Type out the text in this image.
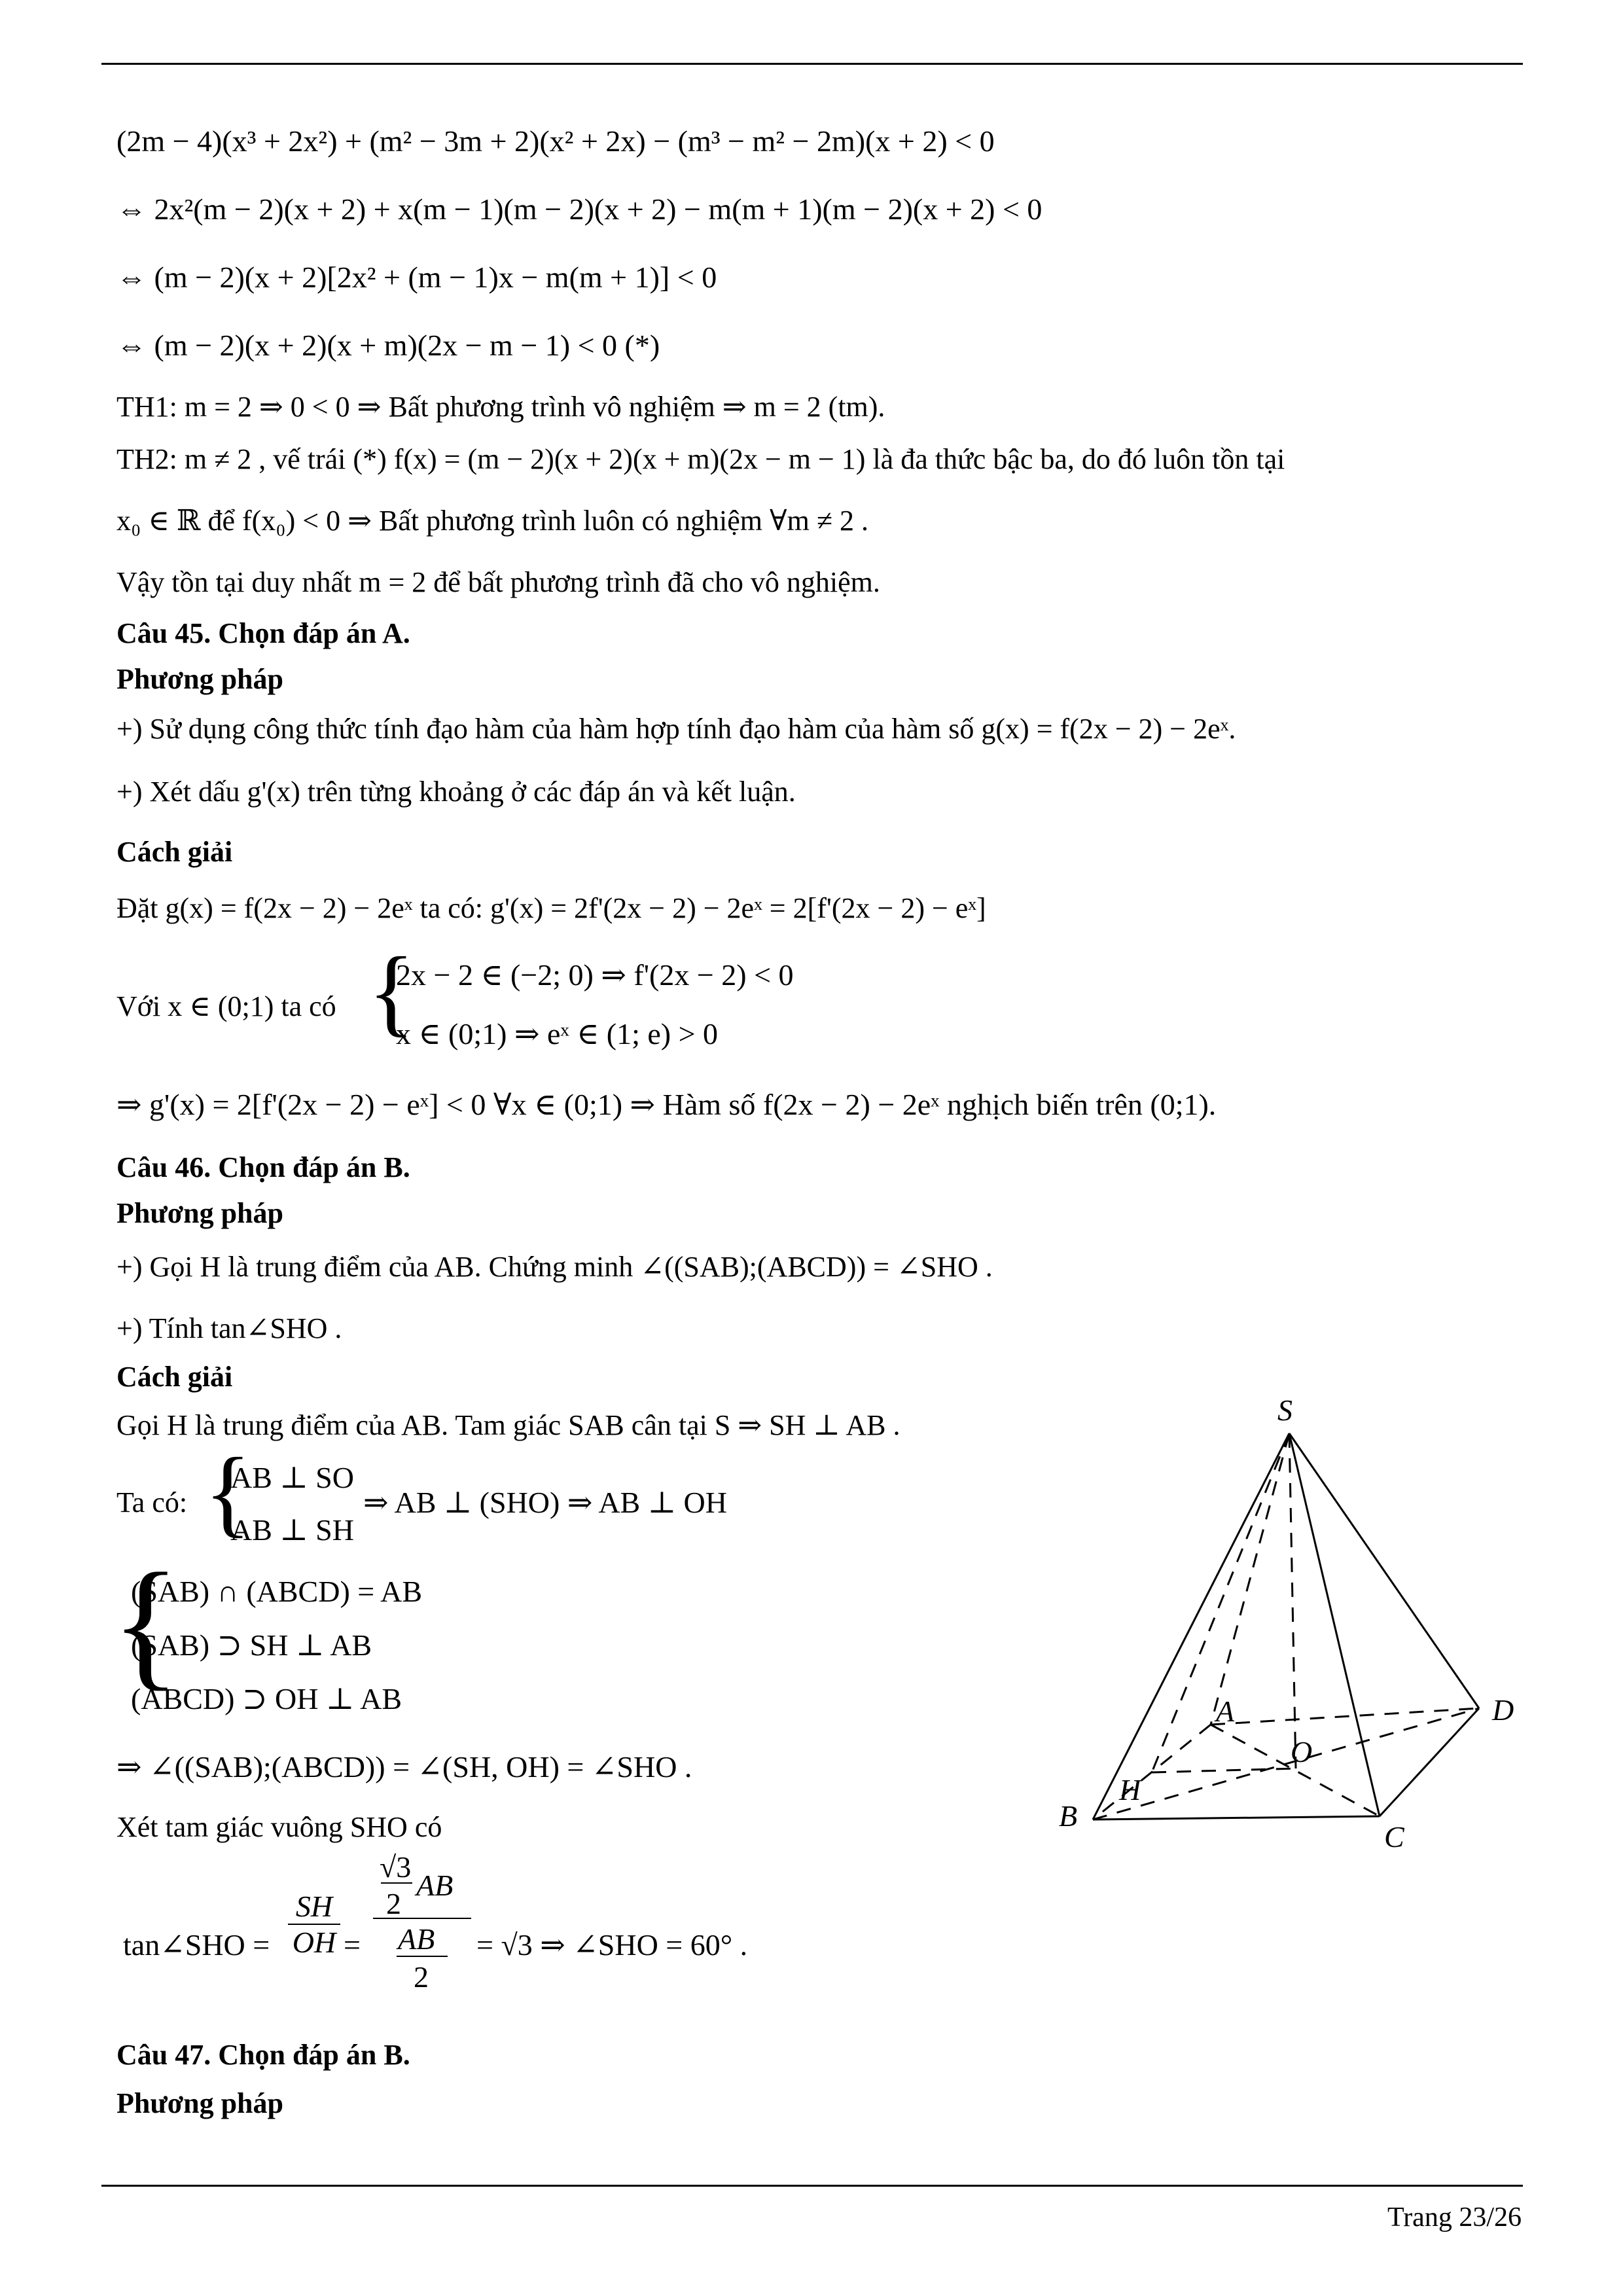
(2m − 4)(x³ + 2x²) + (m² − 3m + 2)(x² + 2x) − (m³ − m² − 2m)(x + 2) < 0
⇔ 2x²(m − 2)(x + 2) + x(m − 1)(m − 2)(x + 2) − m(m + 1)(m − 2)(x + 2) < 0
⇔ (m − 2)(x + 2)[2x² + (m − 1)x − m(m + 1)] < 0
⇔ (m − 2)(x + 2)(x + m)(2x − m − 1) < 0 (*)
TH1: m = 2 ⇒ 0 < 0 ⇒ Bất phương trình vô nghiệm ⇒ m = 2 (tm).
TH2: m ≠ 2 , vế trái (*) f(x) = (m − 2)(x + 2)(x + m)(2x − m − 1) là đa thức bậc ba, do đó luôn tồn tại
x₀ ∈ ℝ để f(x₀) < 0 ⇒ Bất phương trình luôn có nghiệm ∀m ≠ 2 .
Vậy tồn tại duy nhất m = 2 để bất phương trình đã cho vô nghiệm.
Câu 45. Chọn đáp án A.
Phương pháp
+) Sử dụng công thức tính đạo hàm của hàm hợp tính đạo hàm của hàm số g(x) = f(2x − 2) − 2eˣ.
+) Xét dấu g'(x) trên từng khoảng ở các đáp án và kết luận.
Cách giải
Đặt g(x) = f(2x − 2) − 2eˣ ta có: g'(x) = 2f'(2x − 2) − 2eˣ = 2[f'(2x − 2) − eˣ]
Với x ∈ (0;1) ta có {
2x − 2 ∈ (−2; 0) ⇒ f'(2x − 2) < 0
x ∈ (0;1) ⇒ eˣ ∈ (1; e) > 0
⇒ g'(x) = 2[f'(2x − 2) − eˣ] < 0 ∀x ∈ (0;1) ⇒ Hàm số f(2x − 2) − 2eˣ nghịch biến trên (0;1).
Câu 46. Chọn đáp án B.
Phương pháp
+) Gọi H là trung điểm của AB. Chứng minh ∠((SAB);(ABCD)) = ∠SHO .
+) Tính tan∠SHO .
Cách giải
Gọi H là trung điểm của AB. Tam giác SAB cân tại S ⇒ SH ⊥ AB .
Ta có: {
AB ⊥ SO
AB ⊥ SH
⇒ AB ⊥ (SHO) ⇒ AB ⊥ OH
{
(SAB) ∩ (ABCD) = AB
(SAB) ⊃ SH ⊥ AB
(ABCD) ⊃ OH ⊥ AB
⇒ ∠((SAB);(ABCD)) = ∠(SH, OH) = ∠SHO .
Xét tam giác vuông SHO có
tan∠SHO =
SH
OH =
√3
2
AB
AB
2
= √3 ⇒ ∠SHO = 60° .
Câu 47. Chọn đáp án B.
Phương pháp
S
A
B
C
D
O
H
Trang 23/26
